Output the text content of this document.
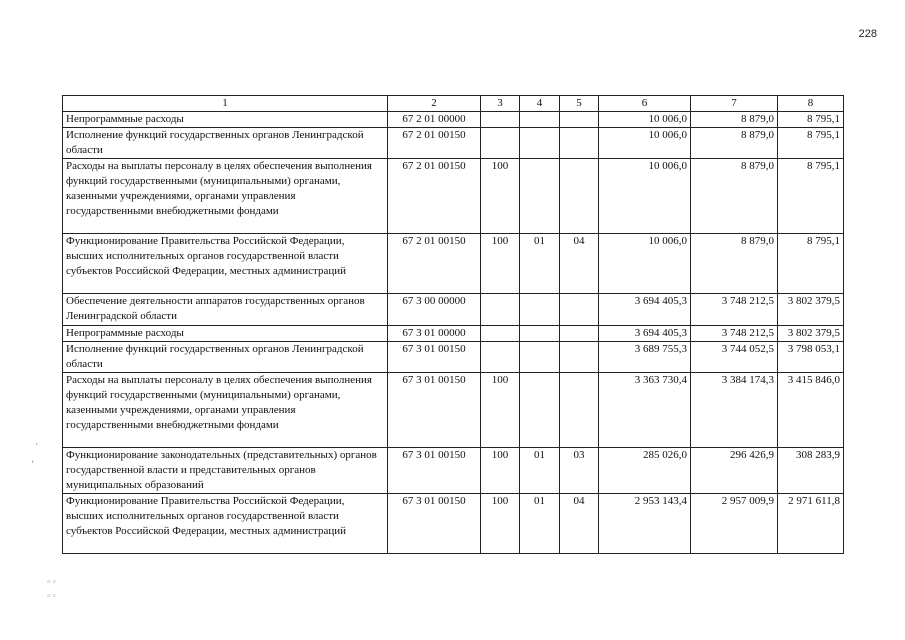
228
1	2	3	4	5	6	7	8
Непрограммные расходы	67 2 01 00000				10 006,0	8 879,0	8 795,1
Исполнение функций государственных органов Ленинградской области	67 2 01 00150				10 006,0	8 879,0	8 795,1
Расходы на выплаты персоналу в целях обеспечения выполнения функций государственными (муниципальными) органами, казенными учреждениями, органами управления государственными внебюджетными фондами	67 2 01 00150	100			10 006,0	8 879,0	8 795,1
Функционирование Правительства Российской Федерации, высших исполнительных органов государственной власти субъектов Российской Федерации, местных администраций	67 2 01 00150	100	01	04	10 006,0	8 879,0	8 795,1
Обеспечение деятельности аппаратов государственных органов Ленинградской области	67 3 00 00000				3 694 405,3	3 748 212,5	3 802 379,5
Непрограммные расходы	67 3 01 00000				3 694 405,3	3 748 212,5	3 802 379,5
Исполнение функций государственных органов Ленинградской области	67 3 01 00150				3 689 755,3	3 744 052,5	3 798 053,1
Расходы на выплаты персоналу в целях обеспечения выполнения функций государственными (муниципальными) органами, казенными учреждениями, органами управления государственными внебюджетными фондами	67 3 01 00150	100			3 363 730,4	3 384 174,3	3 415 846,0
Функционирование законодательных (представительных) органов государственной власти и представительных органов муниципальных образований	67 3 01 00150	100	01	03	285 026,0	296 426,9	308 283,9
Функционирование Правительства Российской Федерации, высших исполнительных органов государственной власти субъектов Российской Федерации, местных администраций	67 3 01 00150	100	01	04	2 953 143,4	2 957 009,9	2 971 611,8
·
'
◦◦
◦◦
